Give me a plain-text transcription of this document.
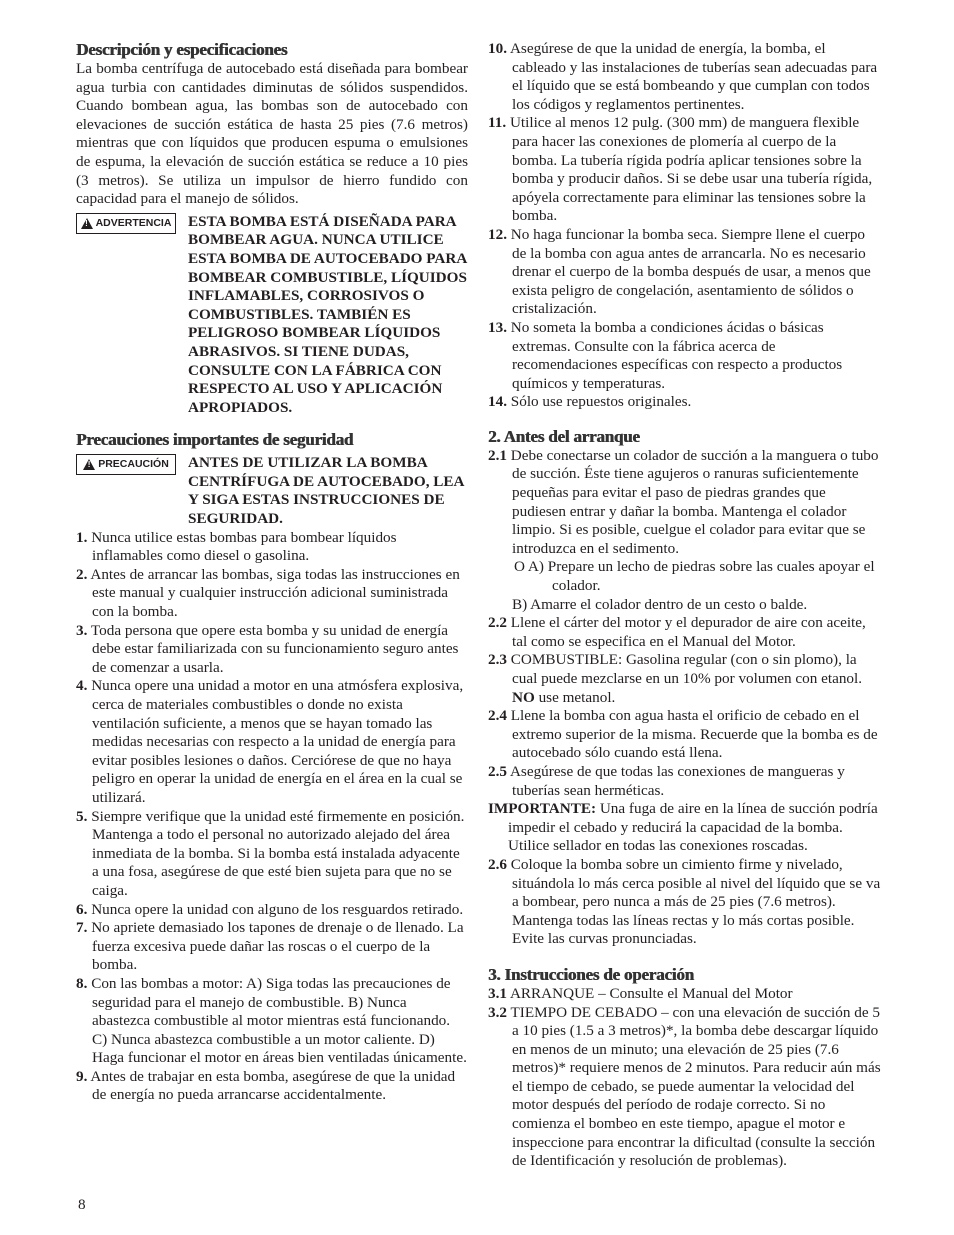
Descripción y especificaciones

La bomba centrífuga de autocebado está diseñada para bombear agua turbia con cantidades diminutas de sólidos suspendidos. Cuando bombean agua, las bombas son de autocebado con elevaciones de succión estática de hasta 25 pies (7.6 metros) mientras que con líquidos que producen espuma o emulsiones de espuma, la elevación de succión estática se reduce a 10 pies (3 metros). Se utiliza un impulsor de hierro fundido con capacidad para el manejo de sólidos.

!
ADVERTENCIA ESTA BOMBA ESTÁ DISEÑADA PARA BOMBEAR AGUA. NUNCA UTILICE ESTA BOMBA DE AUTOCEBADO PARA BOMBEAR COMBUSTIBLE, LÍQUIDOS INFLAMABLES, CORROSIVOS O COMBUSTIBLES. TAMBIÉN ES PELIGROSO BOMBEAR LÍQUIDOS ABRASIVOS. SI TIENE DUDAS, CONSULTE CON LA FÁBRICA CON RESPECTO AL USO Y APLICACIÓN APROPIADOS.
Precauciones importantes de seguridad
!
PRECAUCIÓN ANTES DE UTILIZAR LA BOMBA CENTRÍFUGA DE AUTOCEBADO, LEA Y SIGA ESTAS INSTRUCCIONES DE SEGURIDAD.
1. Nunca utilice estas bombas para bombear líquidos inflamables como diesel o gasolina.
2. Antes de arrancar las bombas, siga todas las instrucciones en este manual y cualquier instrucción adicional suministrada con la bomba.
3. Toda persona que opere esta bomba y su unidad de energía debe estar familiarizada con su funcionamiento seguro antes de comenzar a usarla.
4. Nunca opere una unidad a motor en una atmósfera explosiva, cerca de materiales combustibles o donde no exista ventilación suficiente, a menos que se hayan tomado las medidas necesarias con respecto a la unidad de energía para evitar posibles lesiones o daños. Cerciórese de que no haya peligro en operar la unidad de energía en el área en la cual se utilizará.
5. Siempre verifique que la unidad esté firmemente en posición. Mantenga a todo el personal no autorizado alejado del área inmediata de la bomba. Si la bomba está instalada adyacente a una fosa, asegúrese de que esté bien sujeta para que no se caiga.
6. Nunca opere la unidad con alguno de los resguardos retirado.
7. No apriete demasiado los tapones de drenaje o de llenado. La fuerza excesiva puede dañar las roscas o el cuerpo de la bomba.
8. Con las bombas a motor: A) Siga todas las precauciones de seguridad para el manejo de combustible. B) Nunca abastezca combustible al motor mientras está funcionando. C) Nunca abastezca combustible a un motor caliente. D) Haga funcionar el motor en áreas bien ventiladas únicamente.
9. Antes de trabajar en esta bomba, asegúrese de que la unidad de energía no pueda arrancarse accidentalmente.
10. Asegúrese de que la unidad de energía, la bomba, el cableado y las instalaciones de tuberías sean adecuadas para el líquido que se está bombeando y que cumplan con todos los códigos y reglamentos pertinentes.
11. Utilice al menos 12 pulg. (300 mm) de manguera flexible para hacer las conexiones de plomería al cuerpo de la bomba. La tubería rígida podría aplicar tensiones sobre la bomba y producir daños. Si se debe usar una tubería rígida, apóyela correctamente para eliminar las tensiones sobre la bomba.
12. No haga funcionar la bomba seca. Siempre llene el cuerpo de la bomba con agua antes de arrancarla. No es necesario drenar el cuerpo de la bomba después de usar, a menos que exista peligro de congelación, asentamiento de sólidos o cristalización.
13. No someta la bomba a condiciones ácidas o básicas extremas. Consulte con la fábrica acerca de recomendaciones específicas con respecto a productos químicos y temperaturas.
14. Sólo use repuestos originales.
2. Antes del arranque
2.1 Debe conectarse un colador de succión a la manguera o tubo de succión. Éste tiene agujeros o ranuras suficientemente pequeñas para evitar el paso de piedras grandes que pudiesen entrar y dañar la bomba. Mantenga el colador limpio. Si es posible, cuelgue el colador para evitar que se introduzca en el sedimento.
O A) Prepare un lecho de piedras sobre las cuales apoyar el colador.
B) Amarre el colador dentro de un cesto o balde.
2.2 Llene el cárter del motor y el depurador de aire con aceite, tal como se especifica en el Manual del Motor.
2.3 COMBUSTIBLE: Gasolina regular (con o sin plomo), la cual puede mezclarse en un 10% por volumen con etanol. NO use metanol.
2.4 Llene la bomba con agua hasta el orificio de cebado en el extremo superior de la misma. Recuerde que la bomba es de autocebado sólo cuando está llena.
2.5 Asegúrese de que todas las conexiones de mangueras y tuberías sean herméticas.
IMPORTANTE: Una fuga de aire en la línea de succión podría impedir el cebado y reducirá la capacidad de la bomba. Utilice sellador en todas las conexiones roscadas.
2.6 Coloque la bomba sobre un cimiento firme y nivelado, situándola lo más cerca posible al nivel del líquido que se va a bombear, pero nunca a más de 25 pies (7.6 metros). Mantenga todas las líneas rectas y lo más cortas posible. Evite las curvas pronunciadas.
3. Instrucciones de operación
3.1 ARRANQUE – Consulte el Manual del Motor
3.2 TIEMPO DE CEBADO – con una elevación de succión de 5 a 10 pies (1.5 a 3 metros)*, la bomba debe descargar líquido en menos de un minuto; una elevación de 25 pies (7.6 metros)* requiere menos de 2 minutos. Para reducir aún más el tiempo de cebado, se puede aumentar la velocidad del motor después del período de rodaje correcto. Si no comienza el bombeo en este tiempo, apague el motor e inspeccione para encontrar la dificultad (consulte la sección de Identificación y resolución de problemas).
8
